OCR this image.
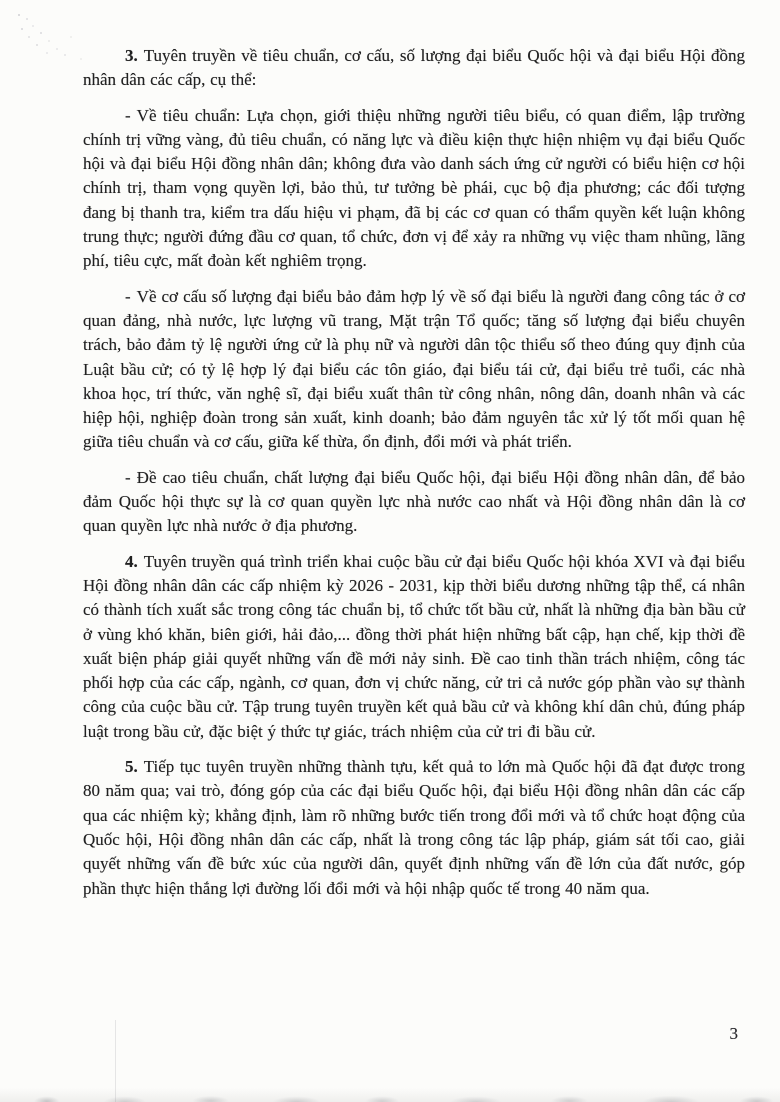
3. Tuyên truyền về tiêu chuẩn, cơ cấu, số lượng đại biểu Quốc hội và đại biểu Hội đồng nhân dân các cấp, cụ thể:

- Về tiêu chuẩn: Lựa chọn, giới thiệu những người tiêu biểu, có quan điểm, lập trường chính trị vững vàng, đủ tiêu chuẩn, có năng lực và điều kiện thực hiện nhiệm vụ đại biểu Quốc hội và đại biểu Hội đồng nhân dân; không đưa vào danh sách ứng cử người có biểu hiện cơ hội chính trị, tham vọng quyền lợi, bảo thủ, tư tưởng bè phái, cục bộ địa phương; các đối tượng đang bị thanh tra, kiểm tra dấu hiệu vi phạm, đã bị các cơ quan có thẩm quyền kết luận không trung thực; người đứng đầu cơ quan, tổ chức, đơn vị để xảy ra những vụ việc tham nhũng, lãng phí, tiêu cực, mất đoàn kết nghiêm trọng.

- Về cơ cấu số lượng đại biểu bảo đảm hợp lý về số đại biểu là người đang công tác ở cơ quan đảng, nhà nước, lực lượng vũ trang, Mặt trận Tổ quốc; tăng số lượng đại biểu chuyên trách, bảo đảm tỷ lệ người ứng cử là phụ nữ và người dân tộc thiểu số theo đúng quy định của Luật bầu cử; có tỷ lệ hợp lý đại biểu các tôn giáo, đại biểu tái cử, đại biểu trẻ tuổi, các nhà khoa học, trí thức, văn nghệ sĩ, đại biểu xuất thân từ công nhân, nông dân, doanh nhân và các hiệp hội, nghiệp đoàn trong sản xuất, kinh doanh; bảo đảm nguyên tắc xử lý tốt mối quan hệ giữa tiêu chuẩn và cơ cấu, giữa kế thừa, ổn định, đổi mới và phát triển.

- Đề cao tiêu chuẩn, chất lượng đại biểu Quốc hội, đại biểu Hội đồng nhân dân, để bảo đảm Quốc hội thực sự là cơ quan quyền lực nhà nước cao nhất và Hội đồng nhân dân là cơ quan quyền lực nhà nước ở địa phương.

4. Tuyên truyền quá trình triển khai cuộc bầu cử đại biểu Quốc hội khóa XVI và đại biểu Hội đồng nhân dân các cấp nhiệm kỳ 2026 - 2031, kịp thời biểu dương những tập thể, cá nhân có thành tích xuất sắc trong công tác chuẩn bị, tổ chức tốt bầu cử, nhất là những địa bàn bầu cử ở vùng khó khăn, biên giới, hải đảo,... đồng thời phát hiện những bất cập, hạn chế, kịp thời đề xuất biện pháp giải quyết những vấn đề mới nảy sinh. Đề cao tinh thần trách nhiệm, công tác phối hợp của các cấp, ngành, cơ quan, đơn vị chức năng, cử tri cả nước góp phần vào sự thành công của cuộc bầu cử. Tập trung tuyên truyền kết quả bầu cử và không khí dân chủ, đúng pháp luật trong bầu cử, đặc biệt ý thức tự giác, trách nhiệm của cử tri đi bầu cử.

5. Tiếp tục tuyên truyền những thành tựu, kết quả to lớn mà Quốc hội đã đạt được trong 80 năm qua; vai trò, đóng góp của các đại biểu Quốc hội, đại biểu Hội đồng nhân dân các cấp qua các nhiệm kỳ; khẳng định, làm rõ những bước tiến trong đổi mới và tổ chức hoạt động của Quốc hội, Hội đồng nhân dân các cấp, nhất là trong công tác lập pháp, giám sát tối cao, giải quyết những vấn đề bức xúc của người dân, quyết định những vấn đề lớn của đất nước, góp phần thực hiện thắng lợi đường lối đổi mới và hội nhập quốc tế trong 40 năm qua.

3
